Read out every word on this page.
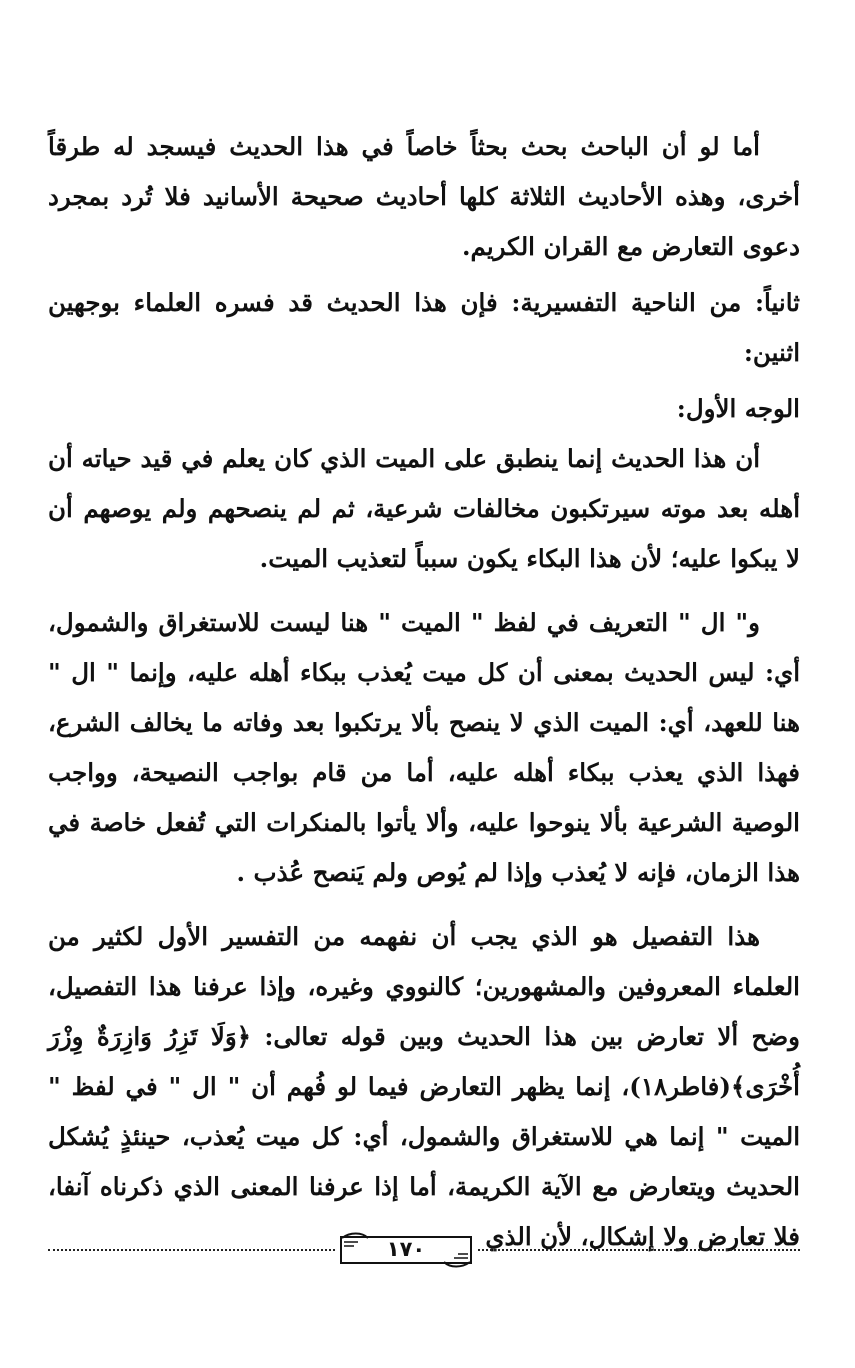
أما لو أن الباحث بحث بحثاً خاصاً في هذا الحديث فيسجد له طرقاً أخرى، وهذه الأحاديث الثلاثة كلها أحاديث صحيحة الأسانيد فلا تُرد بمجرد دعوى التعارض مع القران الكريم.

ثانياً: من الناحية التفسيرية: فإن هذا الحديث قد فسره العلماء بوجهين اثنين:

الوجه الأول:

أن هذا الحديث إنما ينطبق على الميت الذي كان يعلم في قيد حياته أن أهله بعد موته سيرتكبون مخالفات شرعية، ثم لم ينصحهم ولم يوصهم أن لا يبكوا عليه؛ لأن هذا البكاء يكون سبباً لتعذيب الميت.

و" ال " التعريف في لفظ " الميت " هنا ليست للاستغراق والشمول، أي: ليس الحديث بمعنى أن كل ميت يُعذب ببكاء أهله عليه، وإنما " ال " هنا للعهد، أي: الميت الذي لا ينصح بألا يرتكبوا بعد وفاته ما يخالف الشرع، فهذا الذي يعذب ببكاء أهله عليه، أما من قام بواجب النصيحة، وواجب الوصية الشرعية بألا ينوحوا عليه، وألا يأتوا بالمنكرات التي تُفعل خاصة في هذا الزمان، فإنه لا يُعذب وإذا لم يُوص ولم يَنصح عُذب .

هذا التفصيل هو الذي يجب أن نفهمه من التفسير الأول لكثير من العلماء المعروفين والمشهورين؛ كالنووي وغيره، وإذا عرفنا هذا التفصيل، وضح ألا تعارض بين هذا الحديث وبين قوله تعالى: ﴿وَلَا تَزِرُ وَازِرَةٌ وِزْرَ أُخْرَى﴾(فاطر١٨)، إنما يظهر التعارض فيما لو فُهم أن " ال " في لفظ " الميت " إنما هي للاستغراق والشمول، أي: كل ميت يُعذب، حينئذٍ يُشكل الحديث ويتعارض مع الآية الكريمة، أما إذا عرفنا المعنى الذي ذكرناه آنفا، فلا تعارض ولا إشكال، لأن الذي

١٧٠
